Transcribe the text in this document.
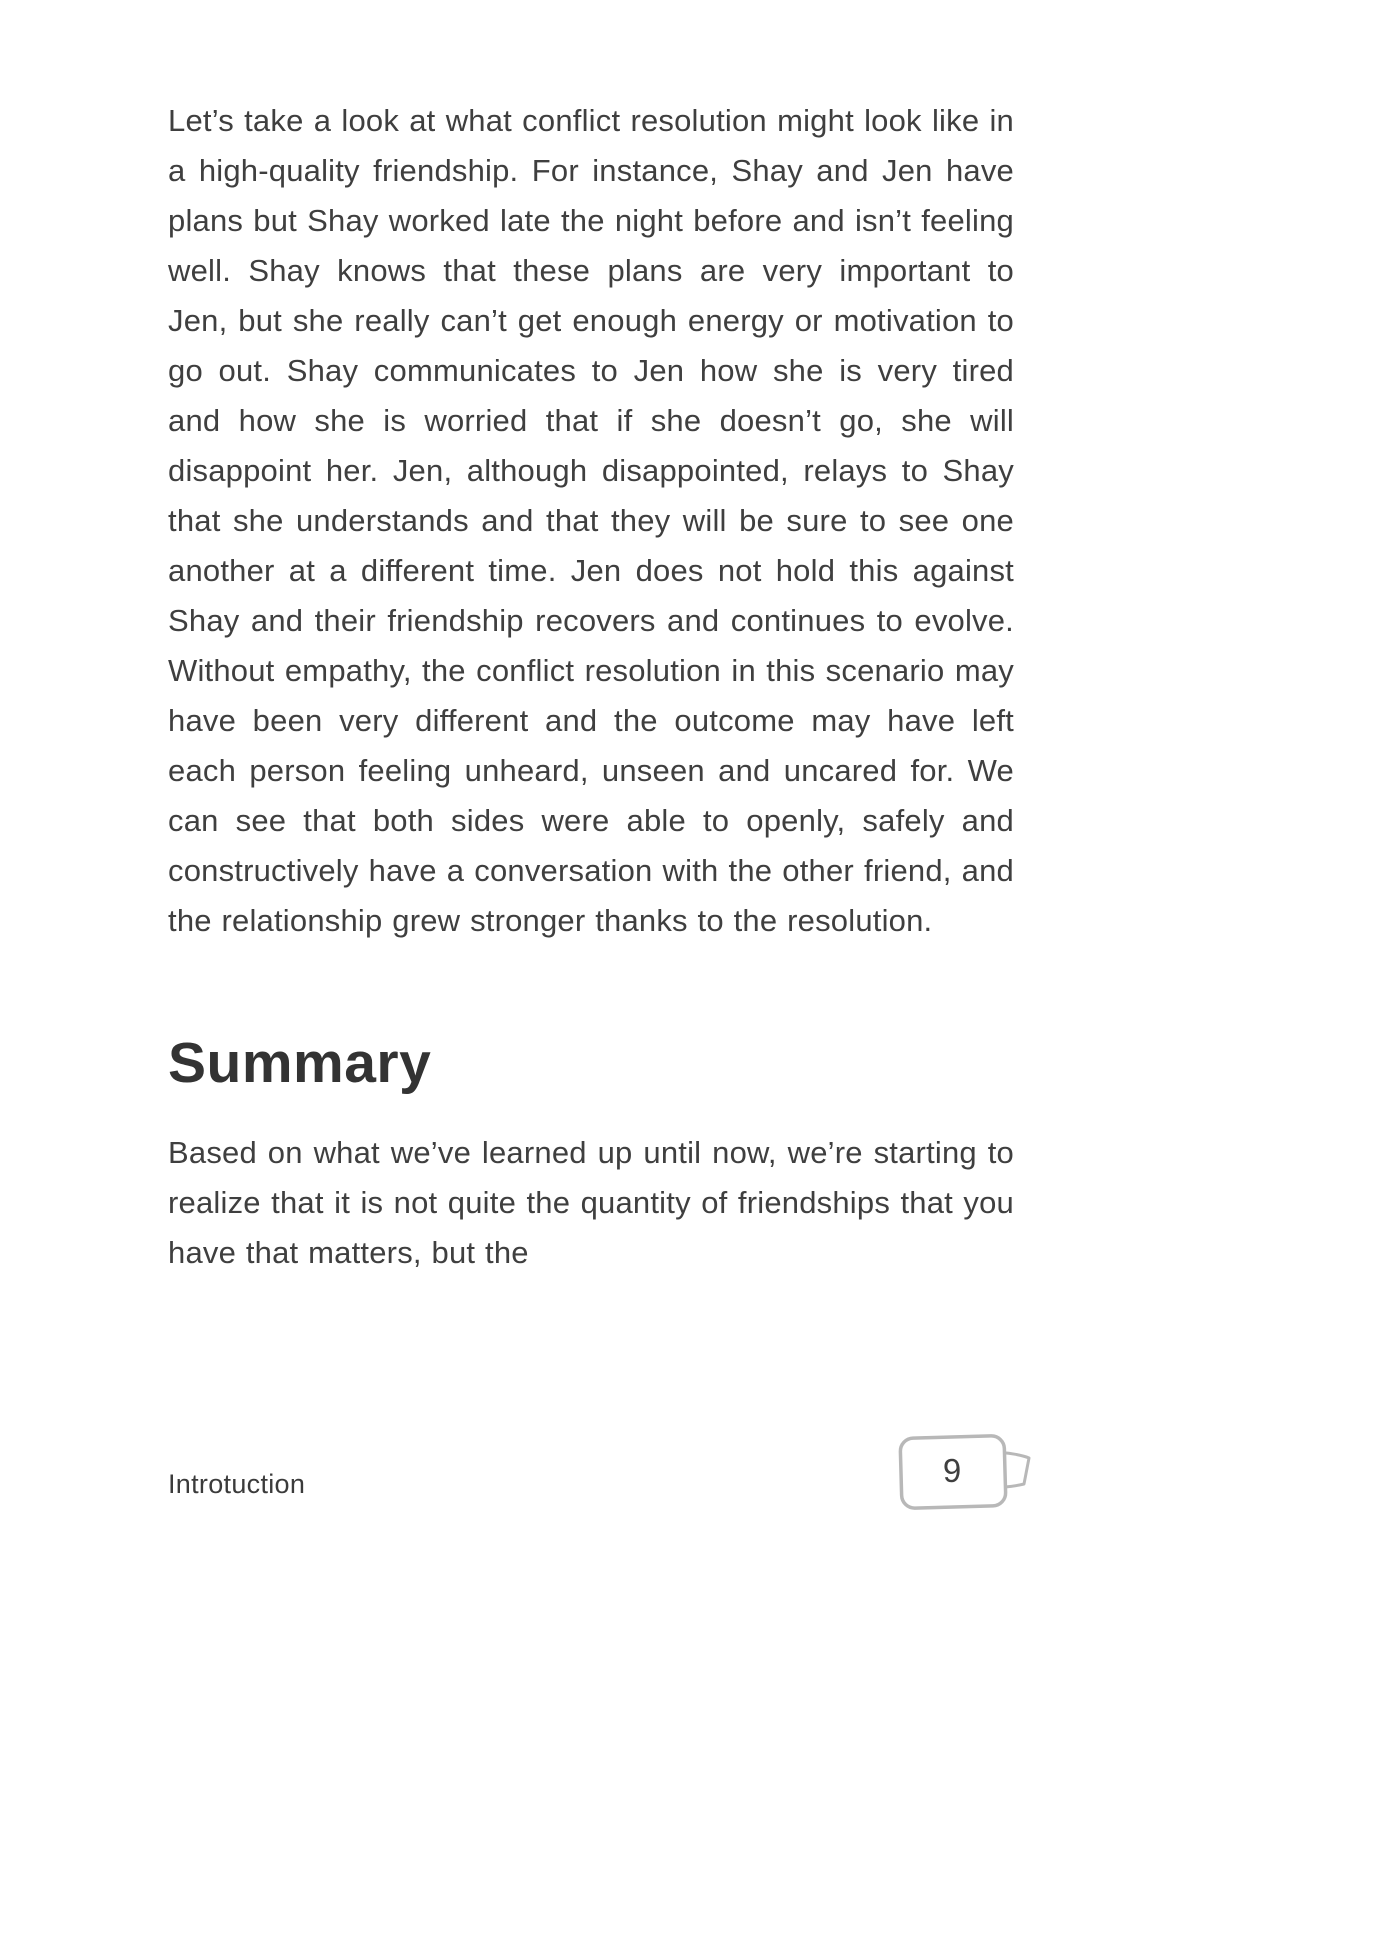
Let’s take a look at what conflict resolution might look like in a high-quality friendship. For instance, Shay and Jen have plans but Shay worked late the night before and isn’t feeling well. Shay knows that these plans are very important to Jen, but she really can’t get enough energy or motivation to go out. Shay communicates to Jen how she is very tired and how she is worried that if she doesn’t go, she will disappoint her. Jen, although disappointed, relays to Shay that she understands and that they will be sure to see one another at a different time. Jen does not hold this against Shay and their friendship recovers and continues to evolve. Without empathy, the conflict resolution in this scenario may have been very different and the outcome may have left each person feeling unheard, unseen and uncared for. We can see that both sides were able to openly, safely and constructively have a conversation with the other friend, and the relationship grew stronger thanks to the resolution.

Summary

Based on what we’ve learned up until now, we’re starting to realize that it is not quite the quantity of friendships that you have that matters, but the

Introtuction	9
